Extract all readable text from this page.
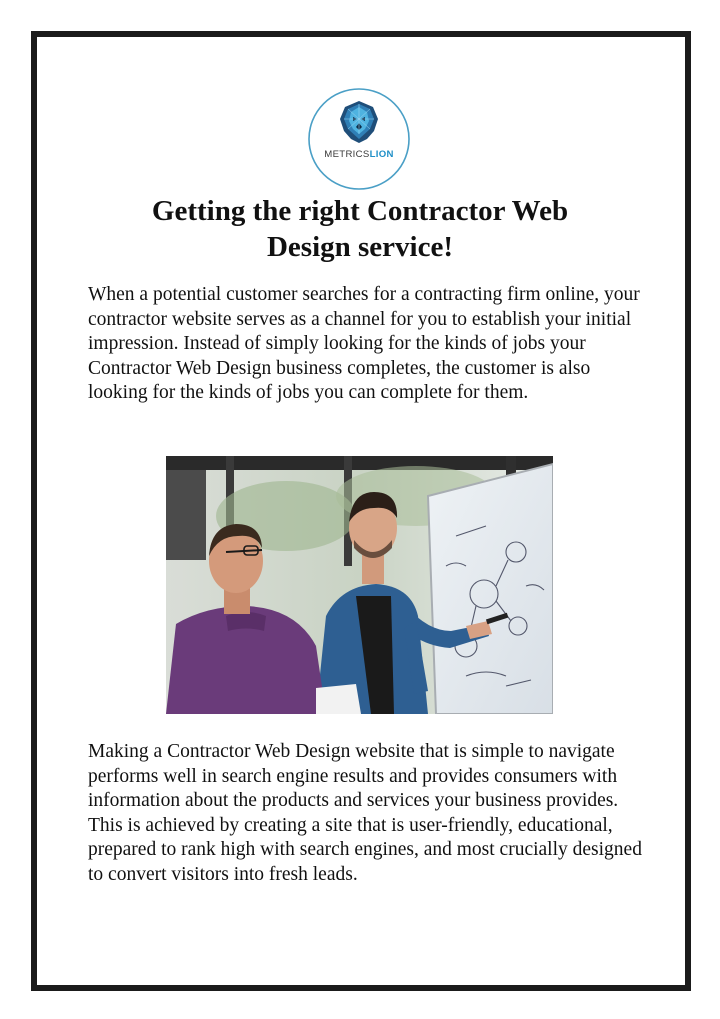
METRICSLION
Getting the right Contractor Web
Design service!

When a potential customer searches for a contracting firm online, your contractor website serves as a channel for you to establish your initial impression. Instead of simply looking for the kinds of jobs your Contractor Web Design business completes, the customer is also looking for the kinds of jobs you can complete for them.

Making a Contractor Web Design website that is simple to navigate performs well in search engine results and provides consumers with information about the products and services your business provides. This is achieved by creating a site that is user-friendly, educational, prepared to rank high with search engines, and most crucially designed to convert visitors into fresh leads.
